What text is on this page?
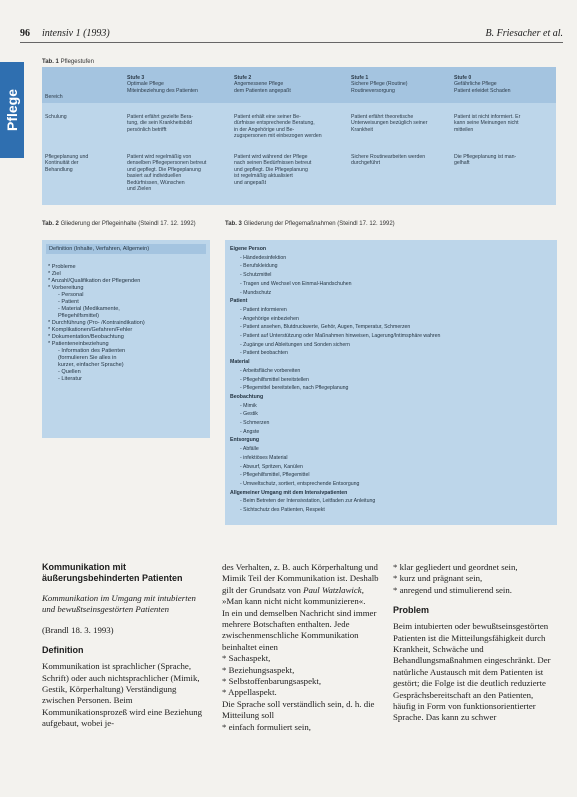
96 intensiv 1 (1993)	B. Friesacher et al.
Pflege
Tab. 1 Pflegestufen
Bereich
Stufe 3
Optimale Pflege
Miteinbeziehung des Patienten
Stufe 2
Angemessene Pflege
dem Patienten angepaßt
Stufe 1
Sichere Pflege (Routine)
Routineversorgung
Stufe 0
Gefährliche Pflege
Patient erleidet Schaden
Schulung	Patient erfährt gezielte Bera-
tung, die sein Krankheitsbild
persönlich betrifft
Patient erhält eine seiner Be-
dürfnisse entsprechende Beratung,
in der Angehörige und Be-
zugspersonen mit einbezogen werden
Patient erfährt theoretische
Unterweisungen bezüglich seiner
Krankheit
Patient ist nicht informiert. Er
kann seine Meinungen nicht
mitteilen
Pflegeplanung und
Kontinuität der
Behandlung
Patient wird regelmäßig von
denselben Pflegepersonen betreut
und gepflegt. Die Pflegeplanung
basiert auf individuellen
Bedürfnissen, Wünschen
und Zielen
Patient wird während der Pflege
nach seinen Bedürfnissen betreut
und gepflegt. Die Pflegeplanung
ist regelmäßig aktualisiert
und angepaßt
Sichere Routinearbeiten werden
durchgeführt
Die Pflegeplanung ist man-
gelhaft
Tab. 2 Gliederung der Pflegeinhalte (Steindl 17. 12. 1992)
Definition (Inhalte, Verfahren, Allgemein)
* Probleme
* Ziel
* Anzahl/Qualifikation der Pflegenden
* Vorbereitung
- Personal
- Patient
- Material (Medikamente,
Pflegehilfsmittel)
* Durchführung (Pro- /Kontraindikation)
* Komplikationen/Gefahren/Fehler
* Dokumentation/Beobachtung
* Patienteneinbeziehung
- Information des Patienten
(formulieren Sie alles in
kurzer, einfacher Sprache)
- Quellen
- Literatur
Tab. 3 Gliederung der Pflegemaßnahmen (Steindl 17. 12. 1992)
Eigene Person
- Händedesinfektion
- Berufskleidung
- Schutzmittel
- Tragen und Wechsel von Einmal-Handschuhen
- Mundschutz
Patient
- Patient informieren
- Angehörige einbeziehen
- Patient ansehen, Blutdruckwerte, Gehör, Augen, Temperatur, Schmerzen
- Patient auf Unterstützung oder Maßnahmen hinweisen, Lagerung/Intimsphäre wahren
- Zugänge und Ableitungen und Sonden sichern
- Patient beobachten
Material
- Arbeitsfläche vorbereiten
- Pflegehilfsmittel bereitstellen
- Pflegemittel bereitstellen, nach Pflegeplanung
Beobachtung
- Mimik
- Gestik
- Schmerzen
- Ängste
Entsorgung
- Abfälle
- infektiöses Material
- Abwurf, Spritzen, Kanülen
- Pflegehilfsmittel, Pflegemittel
- Umweltschutz, sortiert, entsprechende Entsorgung
Allgemeiner Umgang mit dem Intensivpatienten
- Beim Betreten der Intensivstation, Leitfaden zur Anleitung
- Sichtschutz des Patienten, Respekt

Kommunikation mit äußerungsbehinderten Patienten

Kommunikation im Umgang mit intubierten und bewußtseinsgestörten Patienten

(Brandl 18. 3. 1993)

Definition

Kommunikation ist sprachlicher (Sprache, Schrift) oder auch nichtsprachlicher (Mimik, Gestik, Körperhaltung) Verständigung zwischen Personen. Beim Kommunikationsprozeß wird eine Beziehung aufgebaut, wobei je-

des Verhalten, z. B. auch Körperhaltung und Mimik Teil der Kommunikation ist. Deshalb gilt der Grundsatz von Paul Watzlawick, »Man kann nicht nicht kommunizieren«.

In ein und demselben Nachricht sind immer mehrere Botschaften enthalten. Jede zwischenmenschliche Kommunikation beinhaltet einen

* Sachaspekt,

* Beziehungsaspekt,

* Selbstoffenbarungsaspekt,

* Appellaspekt.

Die Sprache soll verständlich sein, d. h. die Mitteilung soll

* einfach formuliert sein,

* klar gegliedert und geordnet sein,

* kurz und prägnant sein,

* anregend und stimulierend sein.

Problem

Beim intubierten oder bewußtseinsgestörten Patienten ist die Mitteilungsfähigkeit durch Krankheit, Schwäche und Behandlungsmaßnahmen eingeschränkt. Der natürliche Austausch mit dem Patienten ist gestört; die Folge ist die deutlich reduzierte Gesprächsbereitschaft an den Patienten, häufig in Form von funktionsorientierter Sprache. Das kann zu schwer
